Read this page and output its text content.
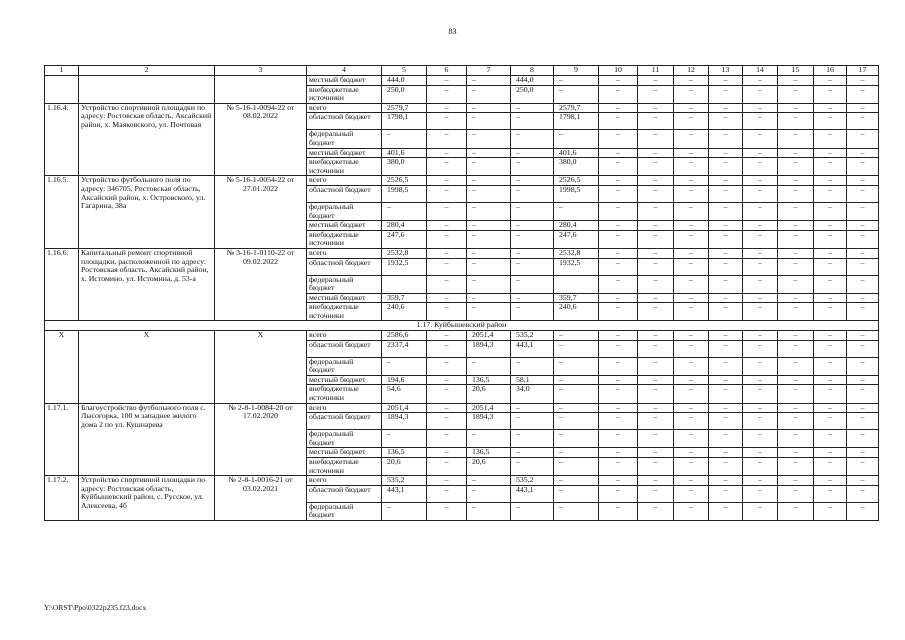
83
1	2	3	4	5	6	7	8	9	10	11	12	13	14	15	16	17
			местный бюджет	444,0	–	–	444,0	–	–	–	–	–	–	–	–	–
			внебюджетные источники	250,0	–	–	250,0	–	–	–	–	–	–	–	–	–
1.16.4.	Устройство спортивной площадки по адресу: Ростовская область, Аксайский район, х. Маяковского, ул. Почтовая	№ 5-16-1-0094-22 от 08.02.2022	всего	2579,7	–	–	–	2579,7	–	–	–	–	–	–	–	–
			областной бюджет	1798,1	–	–	–	1798,1	–	–	–	–	–	–	–	–
			федеральный бюджет	–	–	–	–	–	–	–	–	–	–	–	–	–
			местный бюджет	401,6	–	–	–	401,6	–	–	–	–	–	–	–	–
			внебюджетные источники	380,0	–	–	–	380,0	–	–	–	–	–	–	–	–
1.16.5.	Устройство футбольного поля по адресу: 346705, Ростовская область, Аксайский район, х. Островского, ул. Гагарина, 38а	№ 5-16-1-0054-22 от 27.01.2022	всего	2526,5	–	–	–	2526,5	–	–	–	–	–	–	–	–
			областной бюджет	1998,5	–	–	–	1998,5	–	–	–	–	–	–	–	–
			федеральный бюджет	–	–	–	–	–	–	–	–	–	–	–	–	–
			местный бюджет	280,4	–	–	–	280,4	–	–	–	–	–	–	–	–
			внебюджетные источники	247,6	–	–	–	247,6	–	–	–	–	–	–	–	–
1.16.6.	Капитальный ремонт спортивной площадки, расположенной по адресу: Ростовская область, Аксайский район, х. Истомино, ул. Истомина, д. 53-а	№ 3-16-1-0110-22 от 09.02.2022	всего	2532,8	–	–	–	2532,8	–	–	–	–	–	–	–	–
			областной бюджет	1932,5	–	–	–	1932,5	–	–	–	–	–	–	–	–
			федеральный бюджет		–	–	–		–	–	–	–	–	–	–	–
			местный бюджет	359,7	–	–	–	359,7	–	–	–	–	–	–	–	–
			внебюджетные источники	240,6	–	–	–	240,6	–	–	–	–	–	–	–	–
1.17. Куйбышевский район																
X	X	X	всего	2586,6	–	2051,4	535,2	–	–	–	–	–	–	–	–	–
			областной бюджет	2337,4	–	1894,3	443,1	–	–	–	–	–	–	–	–	–
			федеральный бюджет	–	–	–	–	–	–	–	–	–	–	–	–	–
			местный бюджет	194,6	–	136,5	58,1	–	–	–	–	–	–	–	–	–
			внебюджетные источники	54,6	–	20,6	34,0	–	–	–	–	–	–	–	–	–
1.17.1.	Благоустройство футбольного поля с. Лысогорка, 100 м западнее жилого дома 2 по ул. Кушнарева	№ 2-8-1-0084-20 от 17.02.2020	всего	2051,4	–	2051,4	–	–	–	–	–	–	–	–	–	–
			областной бюджет	1894,3	–	1894,3	–	–	–	–	–	–	–	–	–	–
			федеральный бюджет	–	–	–	–	–	–	–	–	–	–	–	–	–
			местный бюджет	136,5	–	136,5	–	–	–	–	–	–	–	–	–	–
			внебюджетные источники	20,6	–	20,6	–	–	–	–	–	–	–	–	–	–
1.17.2.	Устройство спортивной площадки по адресу: Ростовская область, Куйбышевский район, с. Русское, ул. Алексеева, 4б	№ 2-8-1-0016-21 от 03.02.2021	всего	535,2	–	–	535,2	–	–	–	–	–	–	–	–	–
			областной бюджет	443,1	–	–	443,1	–	–	–	–	–	–	–	–	–
			федеральный бюджет	–	–	–	–	–	–	–	–	–	–	–	–	–
Y:\ORST\Ppo\0322p235.f23.docx
